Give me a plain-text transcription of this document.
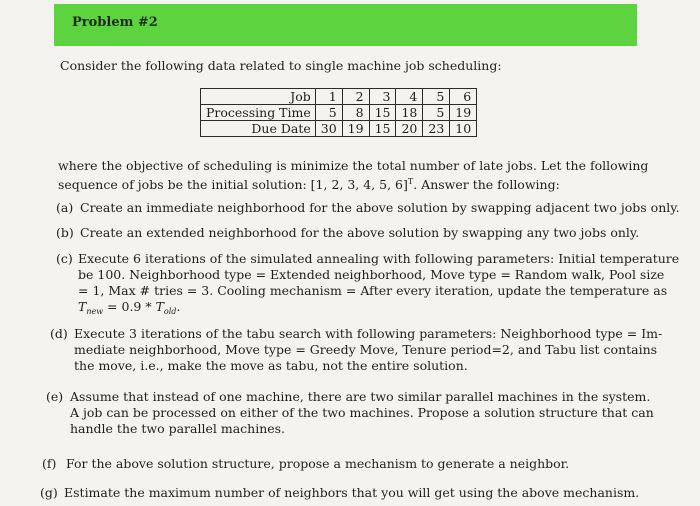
Problem #2
Consider the following data related to single machine job scheduling:
Job	1	2	3	4	5	6
Processing Time	5	8	15	18	5	19
Due Date	30	19	15	20	23	10
where the objective of scheduling is minimize the total number of late jobs. Let the following
sequence of jobs be the initial solution: [1, 2, 3, 4, 5, 6]$^T$. Answer the following:
(a) Create an immediate neighborhood for the above solution by swapping adjacent two jobs only.
(b) Create an extended neighborhood for the above solution by swapping any two jobs only.
(c) Execute 6 iterations of the simulated annealing with following parameters: Initial temperature
be 100. Neighborhood type = Extended neighborhood, Move type = Random walk, Pool size
= 1, Max # tries = 3. Cooling mechanism = After every iteration, update the temperature as
$T_{new} = 0.9 * T_{old}$.
(d) Execute 3 iterations of the tabu search with following parameters: Neighborhood type = Im-
mediate neighborhood, Move type = Greedy Move, Tenure period=2, and Tabu list contains
the move, i.e., make the move as tabu, not the entire solution.
(e) Assume that instead of one machine, there are two similar parallel machines in the system.
A job can be processed on either of the two machines. Propose a solution structure that can
handle the two parallel machines.
(f) For the above solution structure, propose a mechanism to generate a neighbor.
(g) Estimate the maximum number of neighbors that you will get using the above mechanism.
